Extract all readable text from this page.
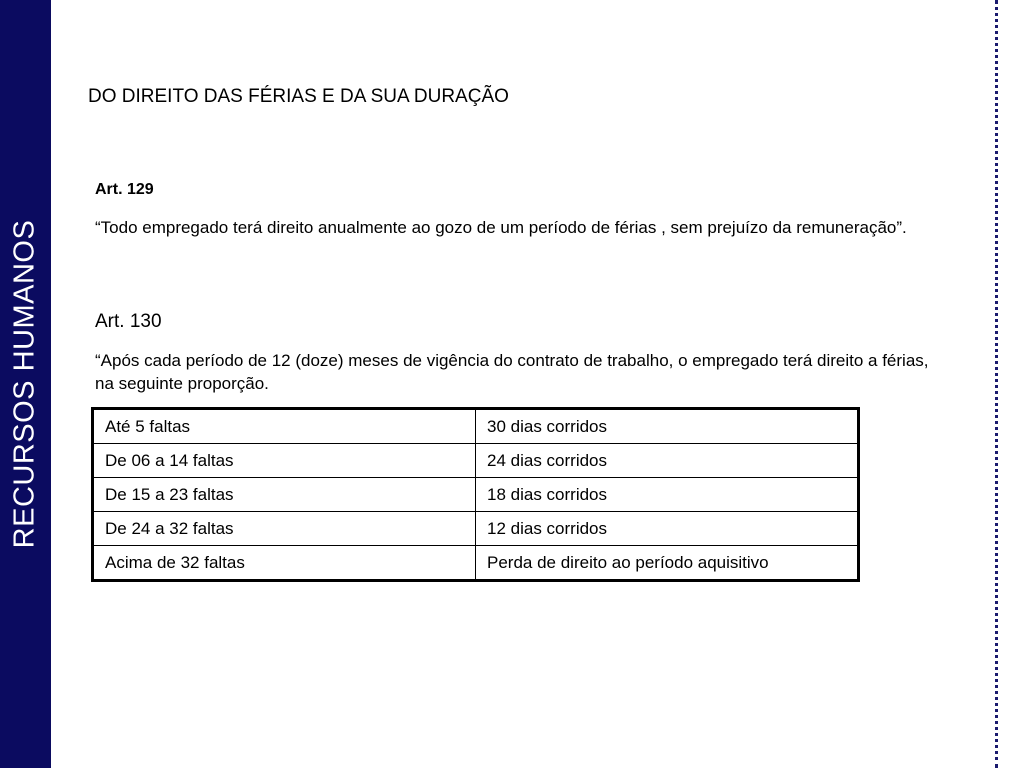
RECURSOS HUMANOS
DO DIREITO DAS FÉRIAS E DA SUA DURAÇÃO
Art. 129
“Todo empregado terá direito anualmente ao gozo de um período de férias , sem prejuízo da remuneração”.
Art. 130
“Após cada período de 12 (doze) meses de vigência do contrato de trabalho, o empregado terá direito a férias, na seguinte proporção.
Até 5 faltas	30 dias corridos
De 06 a 14 faltas	24 dias corridos
De 15 a 23 faltas	18 dias corridos
De 24 a 32 faltas	12 dias corridos
Acima de 32 faltas	Perda de direito ao período aquisitivo
